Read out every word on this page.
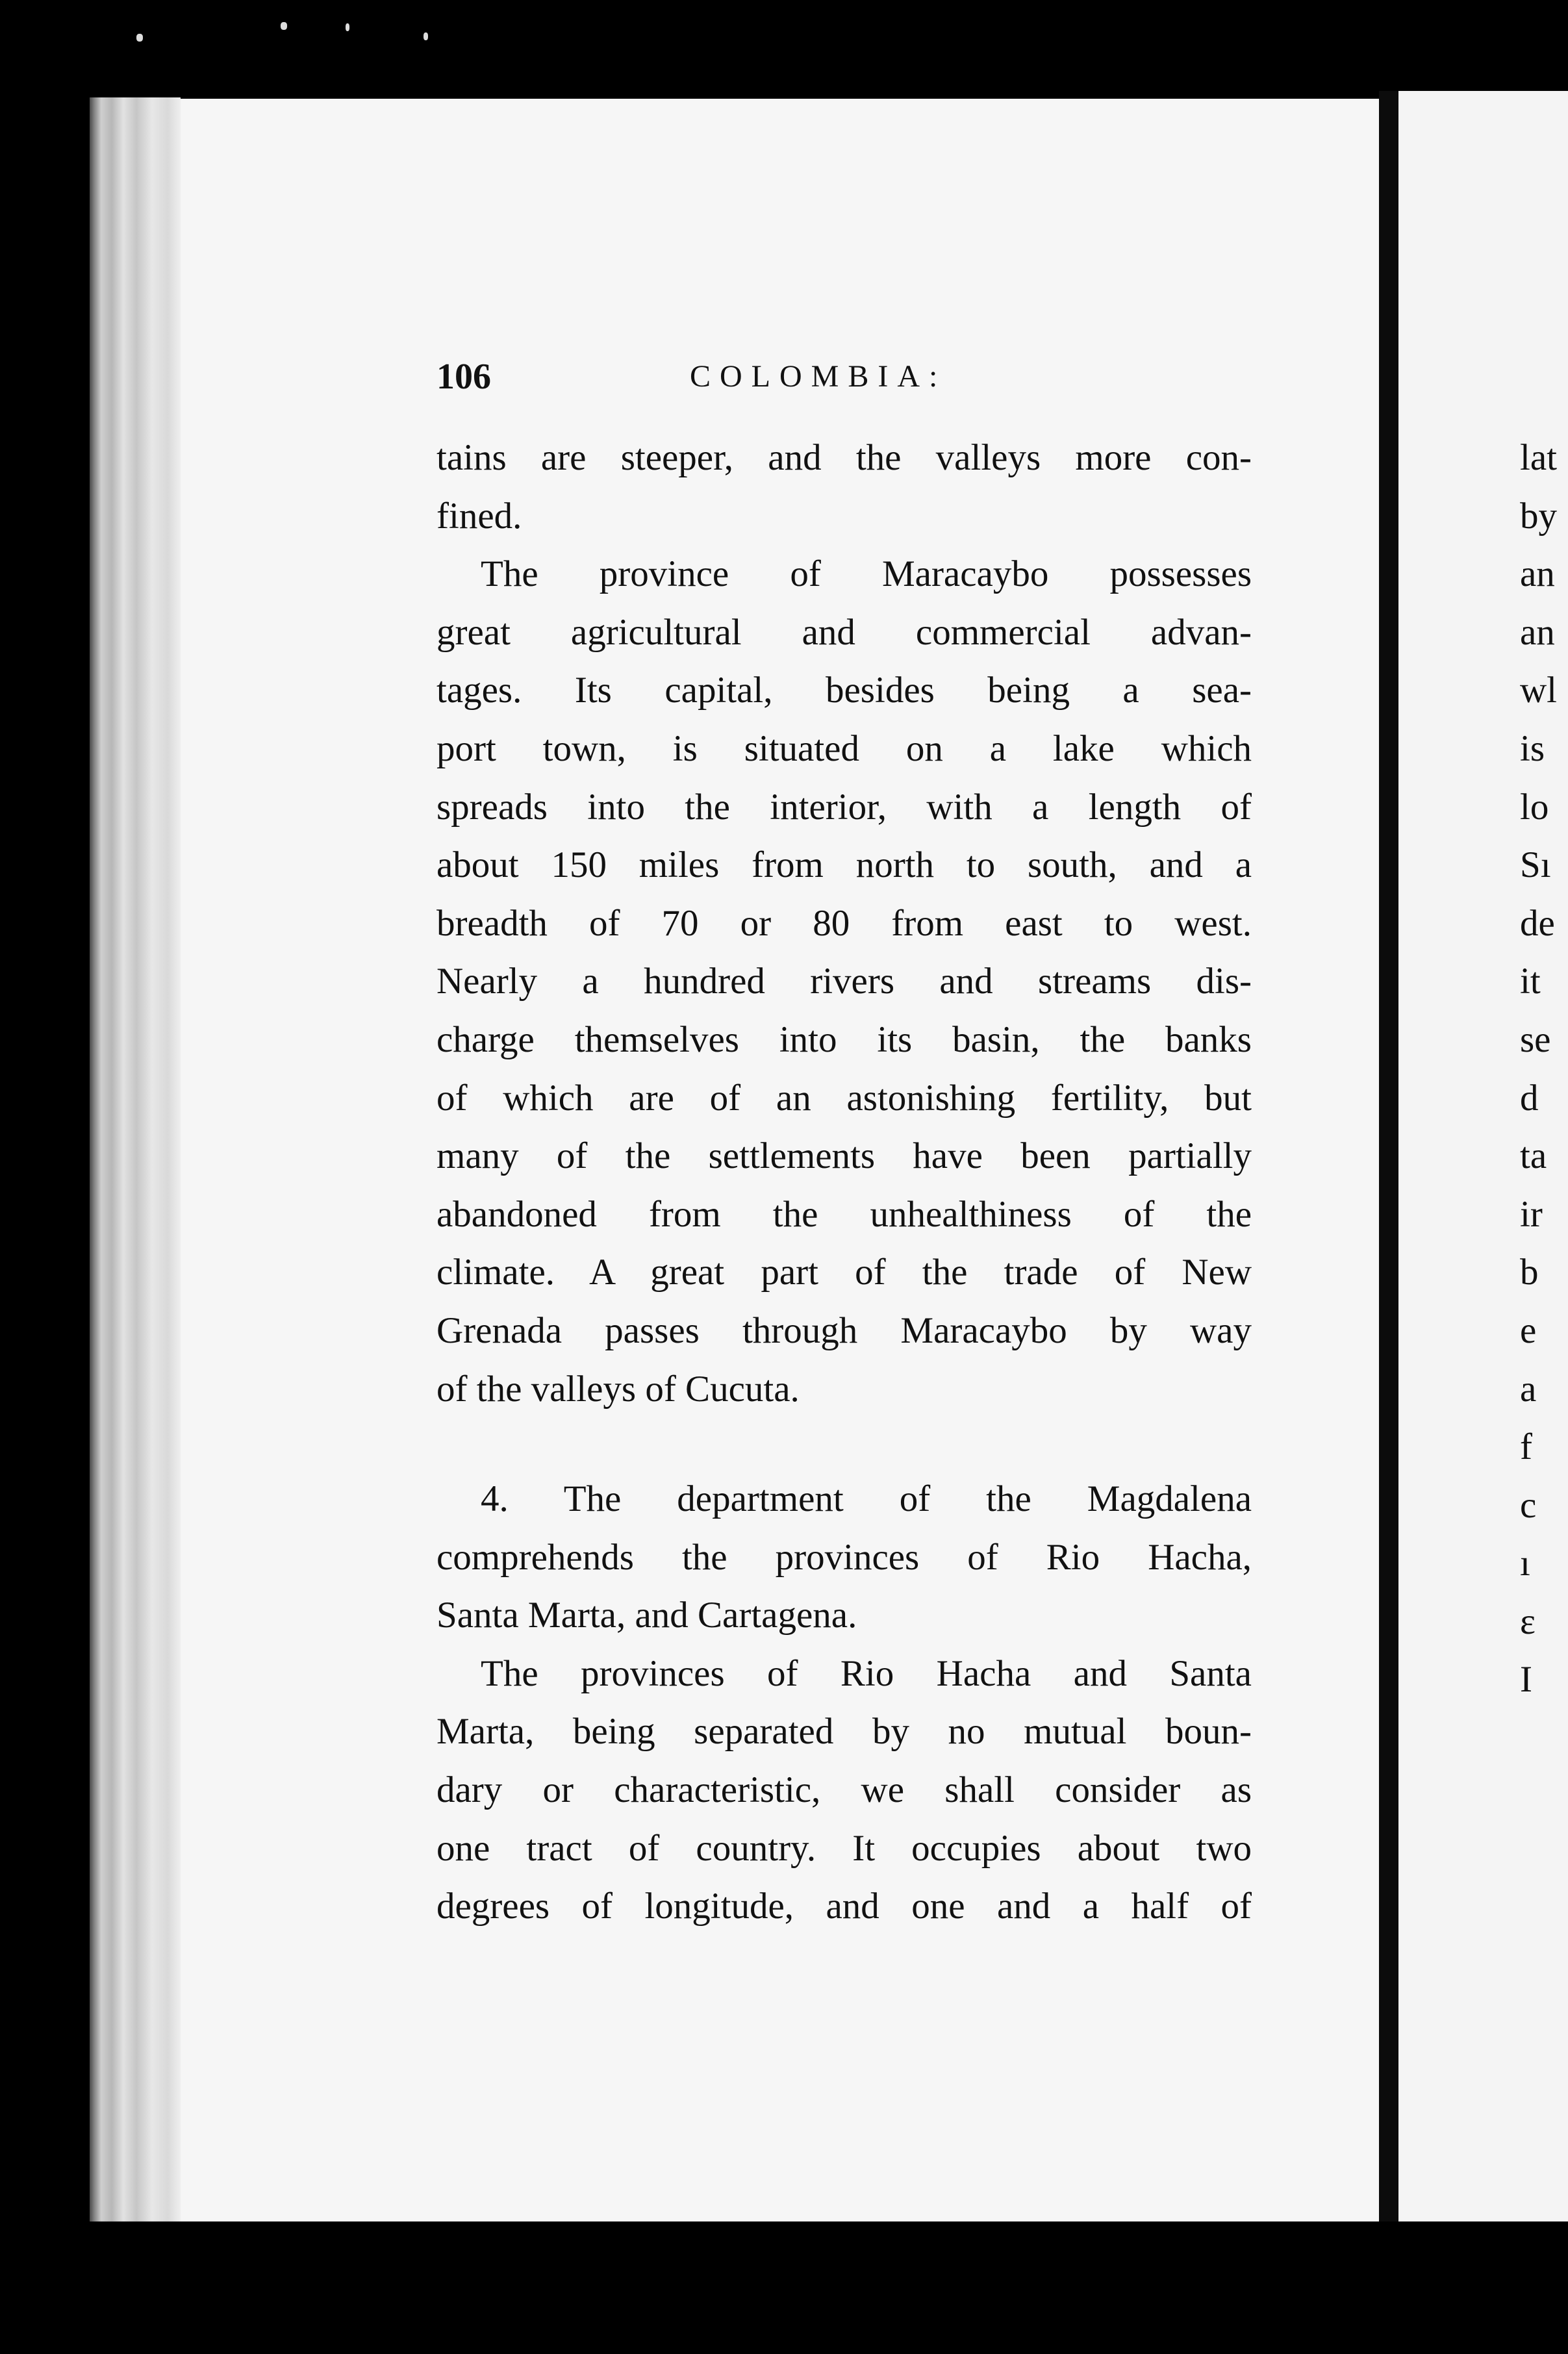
106	COLOMBIA:
tains are steeper, and the valleys more con-
fined.
The province of Maracaybo possesses
great agricultural and commercial advan-
tages. Its capital, besides being a sea-
port town, is situated on a lake which
spreads into the interior, with a length of
about 150 miles from north to south, and a
breadth of 70 or 80 from east to west.
Nearly a hundred rivers and streams dis-
charge themselves into its basin, the banks
of which are of an astonishing fertility, but
many of the settlements have been partially
abandoned from the unhealthiness of the
climate. A great part of the trade of New
Grenada passes through Maracaybo by way
of the valleys of Cucuta.
4. The department of the Magdalena
comprehends the provinces of Rio Hacha,
Santa Marta, and Cartagena.
The provinces of Rio Hacha and Santa
Marta, being separated by no mutual boun-
dary or characteristic, we shall consider as
one tract of country. It occupies about two
degrees of longitude, and one and a half of
lat
by
an
an
wl
is
lo
Sı
de
it
se
d
ta
ir
b
e
a
f
c
ı
ε
I
